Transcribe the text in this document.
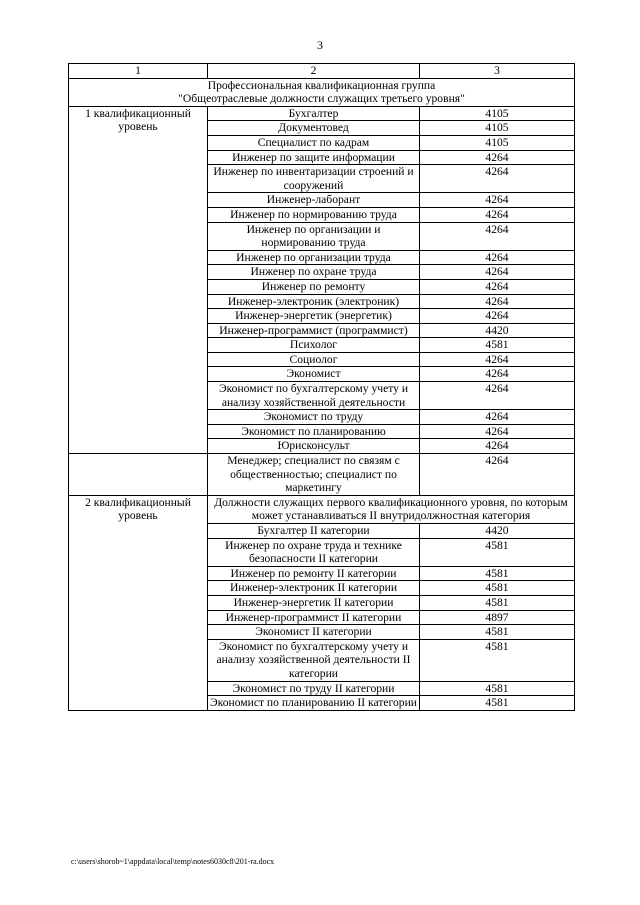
3
1	2	3

Профессиональная квалификационная группа
"Общеотраслевые должности служащих третьего уровня"		

1 квалификационный уровень	Бухгалтер	4105
	Документовед	4105
	Специалист по кадрам	4105
	Инженер по защите информации	4264
	Инженер по инвентаризации строений и сооружений	4264
	Инженер-лаборант	4264
	Инженер по нормированию труда	4264
	Инженер по организации и нормированию труда	4264
	Инженер по организации труда	4264
	Инженер по охране труда	4264
	Инженер по ремонту	4264
	Инженер-электроник (электроник)	4264
	Инженер-энергетик (энергетик)	4264
	Инженер-программист (программист)	4420
	Психолог	4581
	Социолог	4264
	Экономист	4264
	Экономист по бухгалтерскому учету и анализу хозяйственной деятельности	4264
	Экономист по труду	4264
	Экономист по планированию	4264
	Юрисконсульт	4264
	Менеджер; специалист по связям с общественностью; специалист по маркетингу	4264
2 квалификационный уровень	Должности служащих первого квалификационного уровня, по которым может устанавливаться II внутридолжностная категория	
	Бухгалтер II категории	4420
	Инженер по охране труда и технике безопасности II категории	4581
	Инженер по ремонту II категории	4581
	Инженер-электроник II категории	4581
	Инженер-энергетик II категории	4581
	Инженер-программист II категории	4897
	Экономист II категории	4581
	Экономист по бухгалтерскому учету и анализу хозяйственной деятельности II категории	4581
	Экономист по труду II категории	4581
	Экономист по планированию II категории	4581
c:\users\shorob~1\appdata\local\temp\notes6030c8\201-ra.docx
